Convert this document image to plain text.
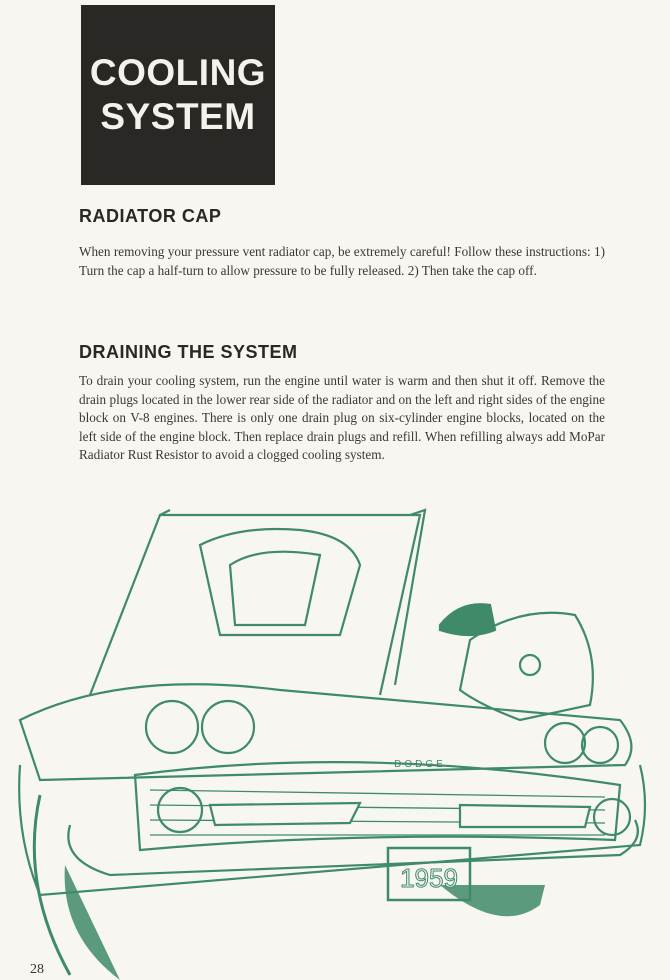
COOLING
SYSTEM
RADIATOR CAP

When removing your pressure vent radiator cap, be extremely careful! Follow these instructions: 1) Turn the cap a half-turn to allow pressure to be fully released. 2) Then take the cap off.

DRAINING THE SYSTEM

To drain your cooling system, run the engine until water is warm and then shut it off. Remove the drain plugs located in the lower rear side of the radiator and on the left and right sides of the engine block on V-8 engines. There is only one drain plug on six-cylinder engine blocks, located on the left side of the engine block. Then replace drain plugs and refill. When refilling always add MoPar Radiator Rust Resistor to avoid a clogged cooling system.

1959
DODGE
28
